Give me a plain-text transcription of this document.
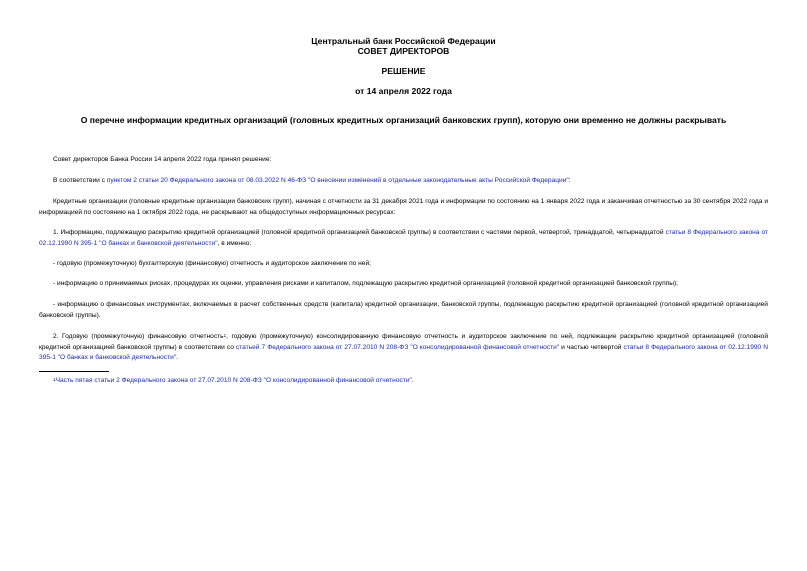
Центральный банк Российской Федерации
СОВЕТ ДИРЕКТОРОВ
РЕШЕНИЕ
от 14 апреля 2022 года
О перечне информации кредитных организаций (головных кредитных организаций банковских групп), которую они временно не должны раскрывать

Совет директоров Банка России 14 апреля 2022 года принял решение:

В соответствии с пунктом 2 статьи 20 Федерального закона от 08.03.2022 N 46-ФЗ "О внесении изменений в отдельные законодательные акты Российской Федерации":

Кредитные организации (головные кредитные организации банковских групп), начиная с отчетности за 31 декабря 2021 года и информации по состоянию на 1 января 2022 года и заканчивая отчетностью за 30 сентября 2022 года и информацией по состоянию на 1 октября 2022 года, не раскрывают на общедоступных информационных ресурсах:

1. Информацию, подлежащую раскрытию кредитной организацией (головной кредитной организацией банковской группы) в соответствии с частями первой, четвертой, тринадцатой, четырнадцатой статьи 8 Федерального закона от 02.12.1990 N 395-1 "О банках и банковской деятельности", в именно:

- годовую (промежуточную) бухгалтерскую (финансовую) отчетность и аудиторское заключение по ней;

- информацию о принимаемых рисках, процедурах их оценки, управления рисками и капиталом, подлежащую раскрытию кредитной организацией (головной кредитной организацией банковской группы);

- информацию о финансовых инструментах, включаемых в расчет собственных средств (капитала) кредитной организации, банковской группы, подлежащую раскрытию кредитной организацией (головной кредитной организацией банковской группы).

2. Годовую (промежуточную) финансовую отчетность1, годовую (промежуточную) консолидированную финансовую отчетность и аудиторское заключение по ней, подлежащие раскрытию кредитной организацией (головной кредитной организацией банковской группы) в соответствии со статьей 7 Федерального закона от 27.07.2010 N 208-ФЗ "О консолидированной финансовой отчетности" и частью четвертой статьи 8 Федерального закона от 02.12.1990 N 395-1 "О банках и банковской деятельности".

1Часть пятая статьи 2 Федерального закона от 27.07.2010 N 208-ФЗ "О консолидированной финансовой отчетности".
